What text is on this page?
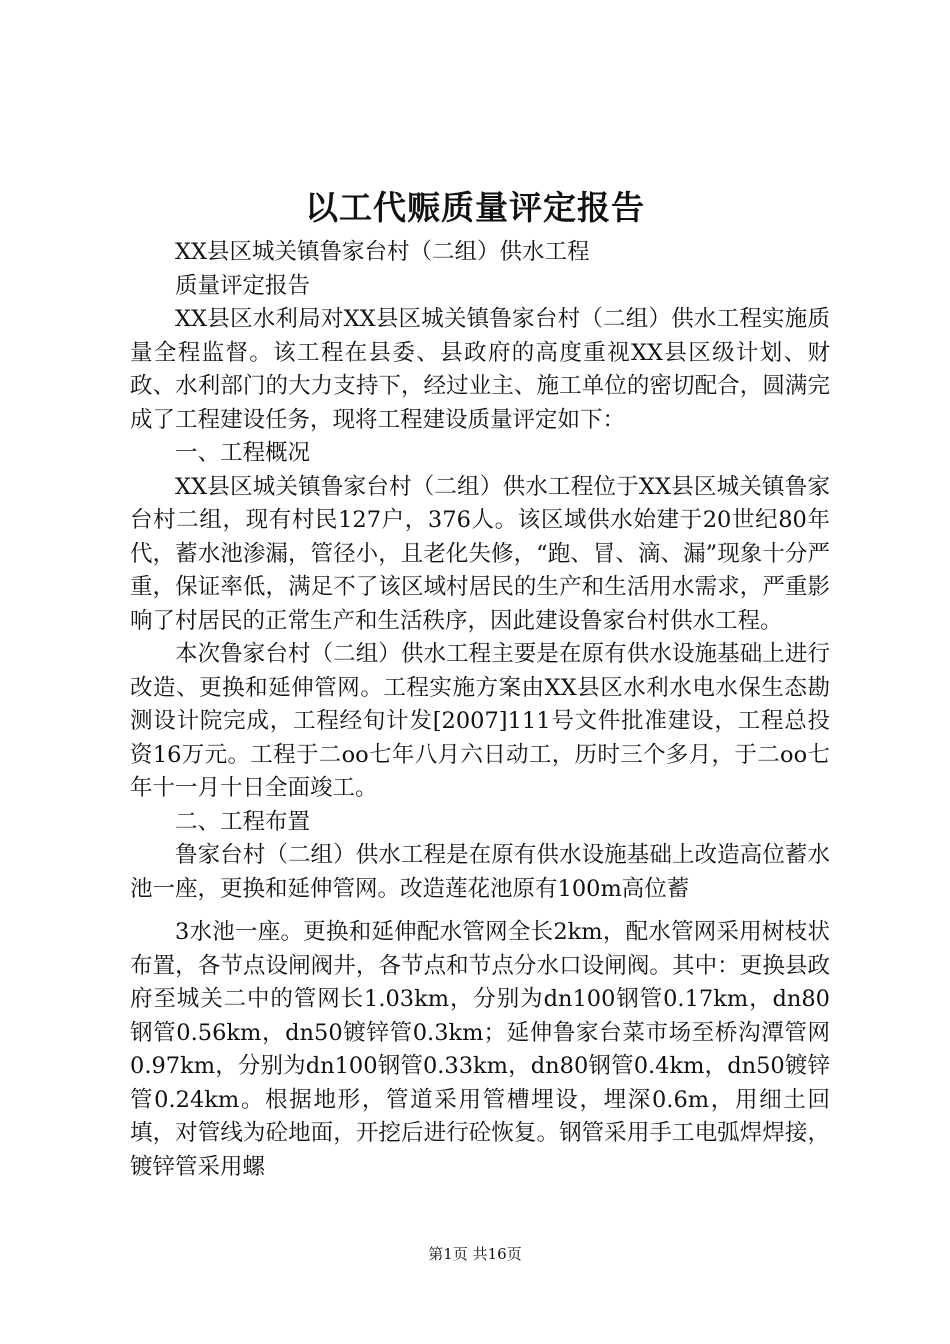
以工代赈质量评定报告

XX县区城关镇鲁家台村（二组）供水工程

质量评定报告

XX县区水利局对XX县区城关镇鲁家台村（二组）供水工程实施质量全程监督。该工程在县委、县政府的高度重视XX县区级计划、财政、水利部门的大力支持下，经过业主、施工单位的密切配合，圆满完成了工程建设任务，现将工程建设质量评定如下：

一、工程概况

XX县区城关镇鲁家台村（二组）供水工程位于XX县区城关镇鲁家台村二组，现有村民127户，376人。该区域供水始建于20世纪80年代，蓄水池渗漏，管径小，且老化失修，“跑、冒、滴、漏”现象十分严重，保证率低，满足不了该区域村居民的生产和生活用水需求，严重影响了村居民的正常生产和生活秩序，因此建设鲁家台村供水工程。

本次鲁家台村（二组）供水工程主要是在原有供水设施基础上进行改造、更换和延伸管网。工程实施方案由XX县区水利水电水保生态勘测设计院完成，工程经旬计发[2007]111号文件批准建设，工程总投资16万元。工程于二oo七年八月六日动工，历时三个多月，于二oo七年十一月十日全面竣工。

二、工程布置

鲁家台村（二组）供水工程是在原有供水设施基础上改造高位蓄水池一座，更换和延伸管网。改造莲花池原有100m高位蓄

3水池一座。更换和延伸配水管网全长2km，配水管网采用树枝状布置，各节点设闸阀井，各节点和节点分水口设闸阀。其中：更换县政府至城关二中的管网长1.03km，分别为dn100钢管0.17km，dn80钢管0.56km，dn50镀锌管0.3km；延伸鲁家台菜市场至桥沟潭管网0.97km，分别为dn100钢管0.33km，dn80钢管0.4km，dn50镀锌管0.24km。根据地形，管道采用管槽埋设，埋深0.6m，用细土回填，对管线为砼地面，开挖后进行砼恢复。钢管采用手工电弧焊焊接，镀锌管采用螺

第1页 共16页
